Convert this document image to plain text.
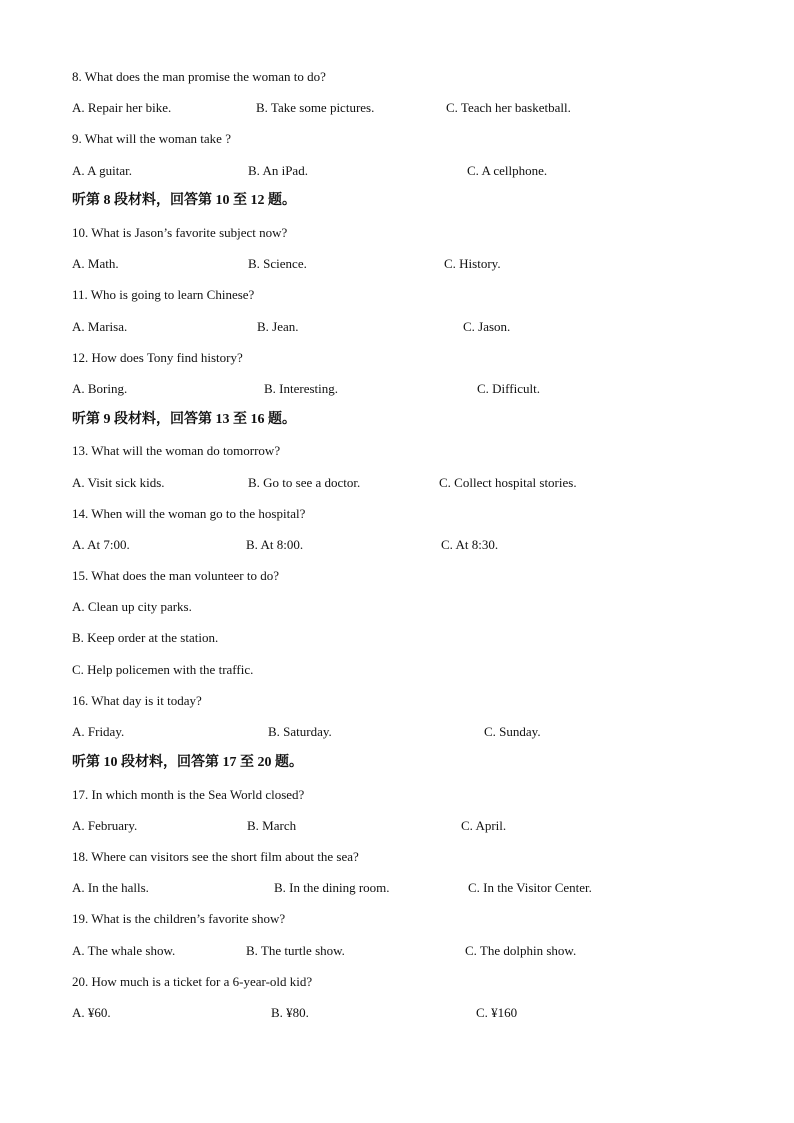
8. What does the man promise the woman to do?
A. Repair her bike.	B. Take some pictures.	C. Teach her basketball.
9. What will the woman take ?
A. A guitar.	B. An iPad.	C. A cellphone.
听第 8 段材料，回答第 10 至 12 题。
10. What is Jason’s favorite subject now?
A. Math.	B. Science.	C. History.
11. Who is going to learn Chinese?
A. Marisa.	B. Jean.	C. Jason.
12. How does Tony find history?
A. Boring.	B. Interesting.	C. Difficult.
听第 9 段材料，回答第 13 至 16 题。
13. What will the woman do tomorrow?
A. Visit sick kids.	B. Go to see a doctor.	C. Collect hospital stories.
14. When will the woman go to the hospital?
A. At 7:00.	B. At 8:00.	C. At 8:30.
15. What does the man volunteer to do?
A. Clean up city parks.
B. Keep order at the station.
C. Help policemen with the traffic.
16. What day is it today?
A. Friday.	B. Saturday.	C. Sunday.
听第 10 段材料，回答第 17 至 20 题。
17. In which month is the Sea World closed?
A. February.	B. March	C. April.
18. Where can visitors see the short film about the sea?
A. In the halls.	B. In the dining room.	C. In the Visitor Center.
19. What is the children’s favorite show?
A. The whale show.	B. The turtle show.	C. The dolphin show.
20. How much is a ticket for a 6-year-old kid?
A. ¥60.	B. ¥80.	C. ¥160
